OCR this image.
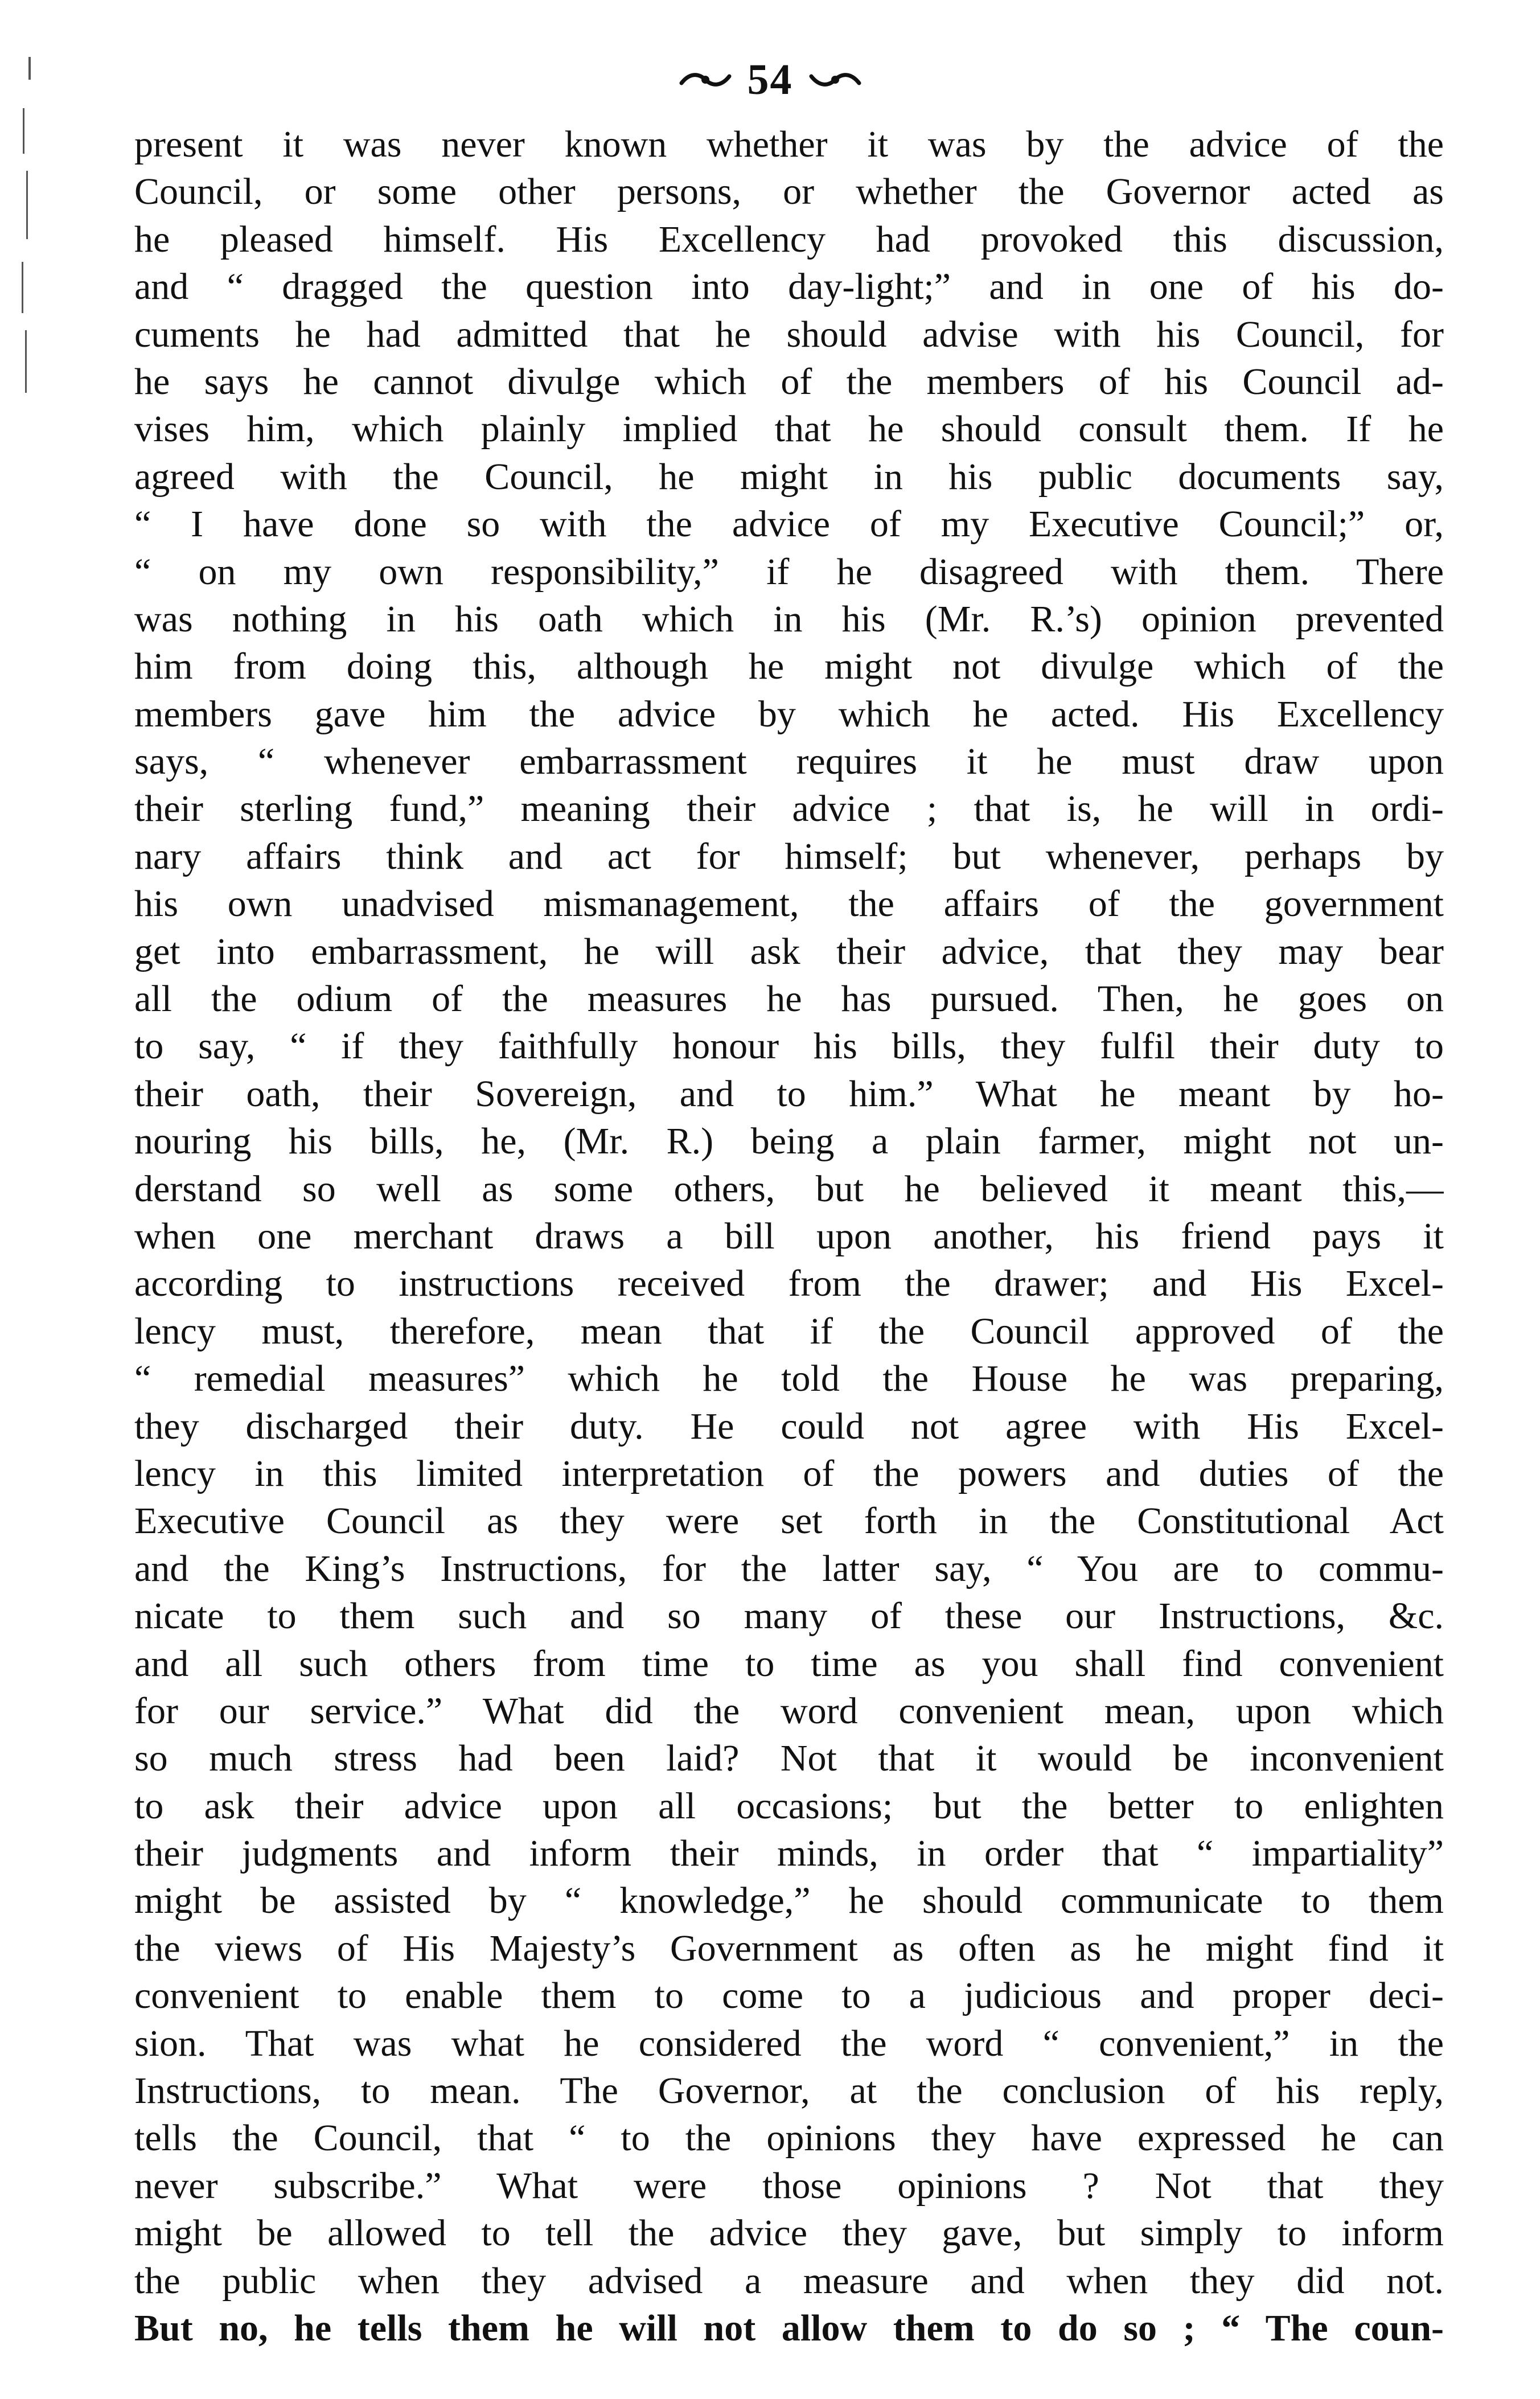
54
present it was never known whether it was by the advice of the
Council, or some other persons, or whether the Governor acted as
he pleased himself. His Excellency had provoked this discussion,
and “ dragged the question into day-light;” and in one of his do-
cuments he had admitted that he should advise with his Council, for
he says he cannot divulge which of the members of his Council ad-
vises him, which plainly implied that he should consult them. If he
agreed with the Council, he might in his public documents say,
“ I have done so with the advice of my Executive Council;” or,
“ on my own responsibility,” if he disagreed with them. There
was nothing in his oath which in his (Mr. R.’s) opinion prevented
him from doing this, although he might not divulge which of the
members gave him the advice by which he acted. His Excellency
says, “ whenever embarrassment requires it he must draw upon
their sterling fund,” meaning their advice ; that is, he will in ordi-
nary affairs think and act for himself; but whenever, perhaps by
his own unadvised mismanagement, the affairs of the government
get into embarrassment, he will ask their advice, that they may bear
all the odium of the measures he has pursued. Then, he goes on
to say, “ if they faithfully honour his bills, they fulfil their duty to
their oath, their Sovereign, and to him.” What he meant by ho-
nouring his bills, he, (Mr. R.) being a plain farmer, might not un-
derstand so well as some others, but he believed it meant this,—
when one merchant draws a bill upon another, his friend pays it
according to instructions received from the drawer; and His Excel-
lency must, therefore, mean that if the Council approved of the
“ remedial measures” which he told the House he was preparing,
they discharged their duty. He could not agree with His Excel-
lency in this limited interpretation of the powers and duties of the
Executive Council as they were set forth in the Constitutional Act
and the King’s Instructions, for the latter say, “ You are to commu-
nicate to them such and so many of these our Instructions, &c.
and all such others from time to time as you shall find convenient
for our service.” What did the word convenient mean, upon which
so much stress had been laid? Not that it would be inconvenient
to ask their advice upon all occasions; but the better to enlighten
their judgments and inform their minds, in order that “ impartiality”
might be assisted by “ knowledge,” he should communicate to them
the views of His Majesty’s Government as often as he might find it
convenient to enable them to come to a judicious and proper deci-
sion. That was what he considered the word “ convenient,” in the
Instructions, to mean. The Governor, at the conclusion of his reply,
tells the Council, that “ to the opinions they have expressed he can
never subscribe.” What were those opinions ? Not that they
might be allowed to tell the advice they gave, but simply to inform
the public when they advised a measure and when they did not.
But no, he tells them he will not allow them to do so ; “ The coun-
